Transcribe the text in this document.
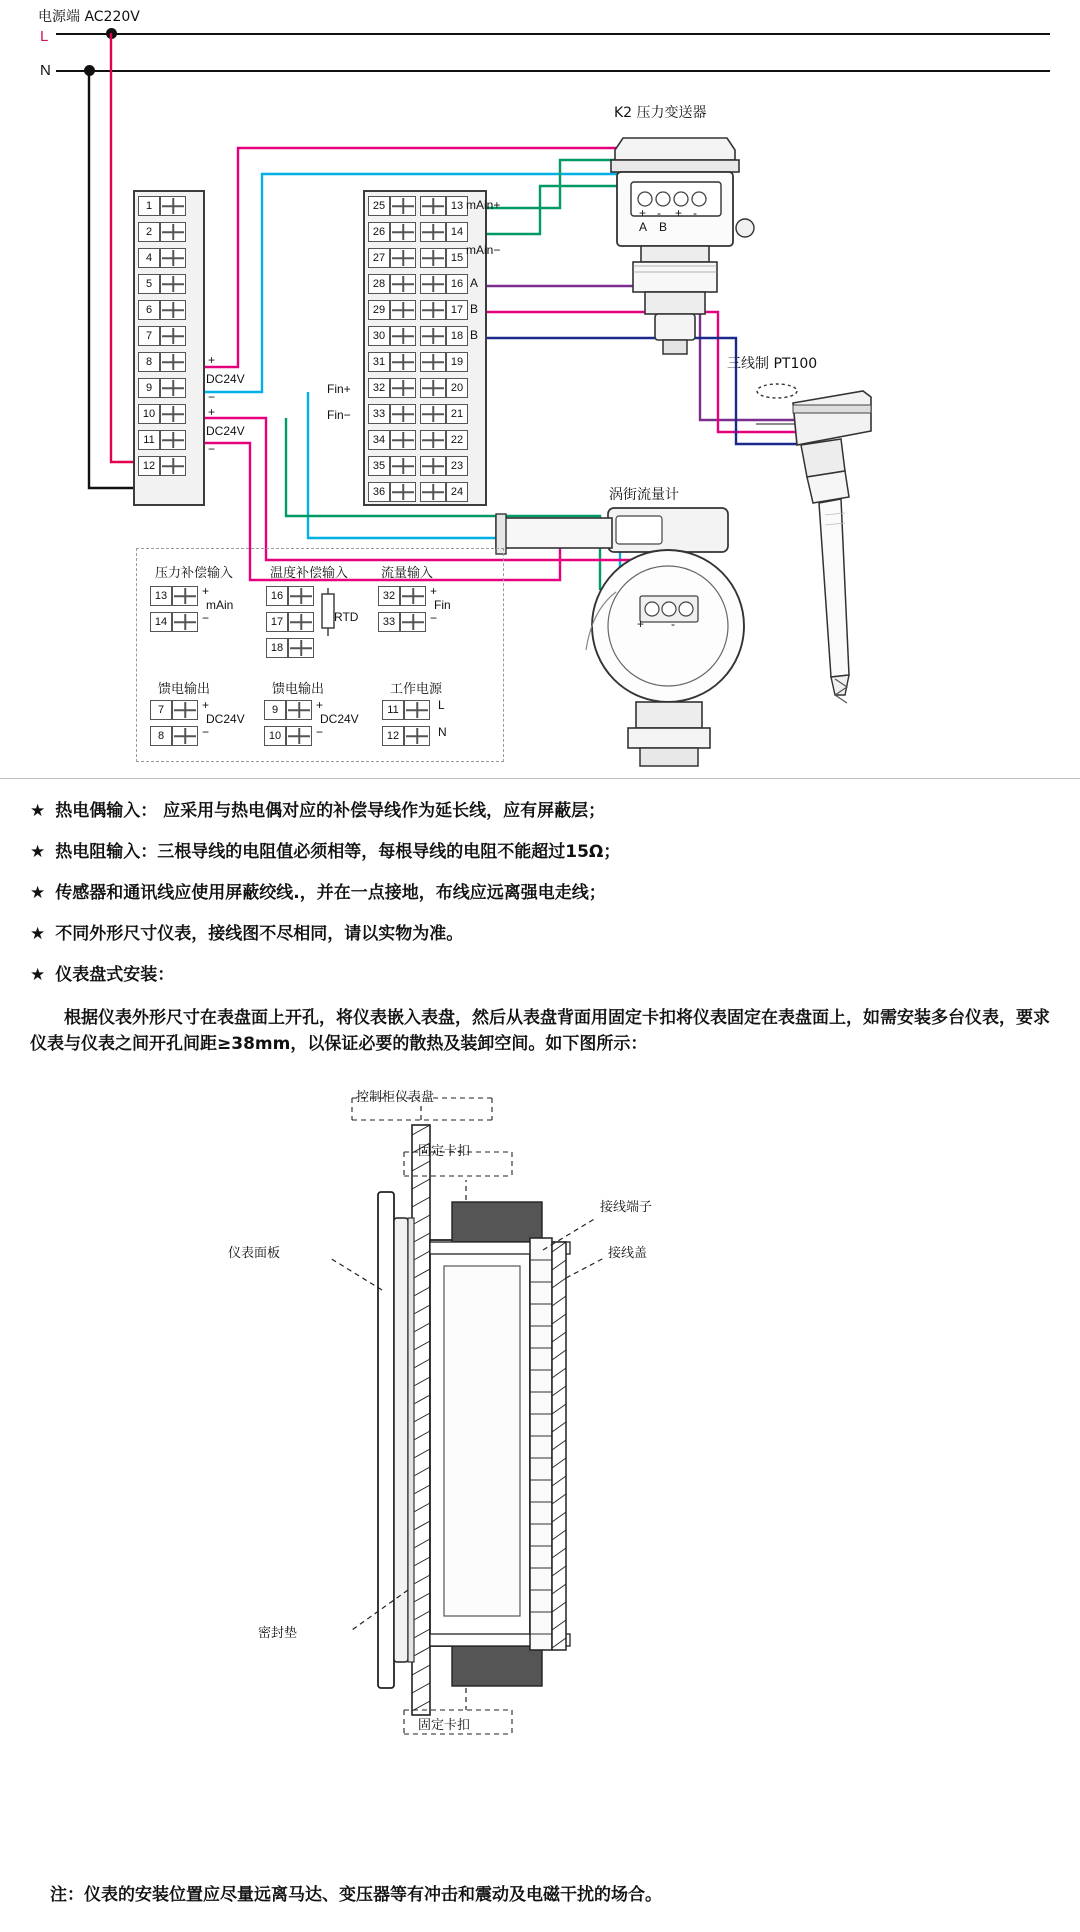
电源端 AC220V
L
N
1
2
4
5
6
7
8
9
10
11
12
+
DC24V
−
+
DC24V
−
25
26
27
28
29
30
31
32
33
34
35
36
13
14
15
16
17
18
19
20
21
22
23
24
mAin+
mAin−
A
B
B
Fin+
Fin−
K2 压力变送器
+ - + -
A B
三线制 PT100
涡街流量计
+ -
压力补偿输入
13
14
+
−
mAin
温度补偿输入
16
17
18
RTD
流量输入
32
33
+
−
Fin
馈电输出
7
8
+
−
DC24V
馈电输出
9
10
+
−
DC24V
工作电源
11
12
L
N
★ 热电偶输入： 应采用与热电偶对应的补偿导线作为延长线，应有屏蔽层；
★ 热电阻输入：三根导线的电阻值必须相等，每根导线的电阻不能超过15Ω；
★ 传感器和通讯线应使用屏蔽绞线.，并在一点接地，布线应远离强电走线；
★ 不同外形尺寸仪表，接线图不尽相同，请以实物为准。
★ 仪表盘式安装：
根据仪表外形尺寸在表盘面上开孔，将仪表嵌入表盘，然后从表盘背面用固定卡扣将仪表固定在表盘面上，如需安装多台仪表，要求仪表与仪表之间开孔间距≥38mm，以保证必要的散热及装卸空间。如下图所示：
控制柜仪表盘
固定卡扣
固定卡扣
接线端子
接线盖
仪表面板
密封垫
注：仪表的安装位置应尽量远离马达、变压器等有冲击和震动及电磁干扰的场合。
